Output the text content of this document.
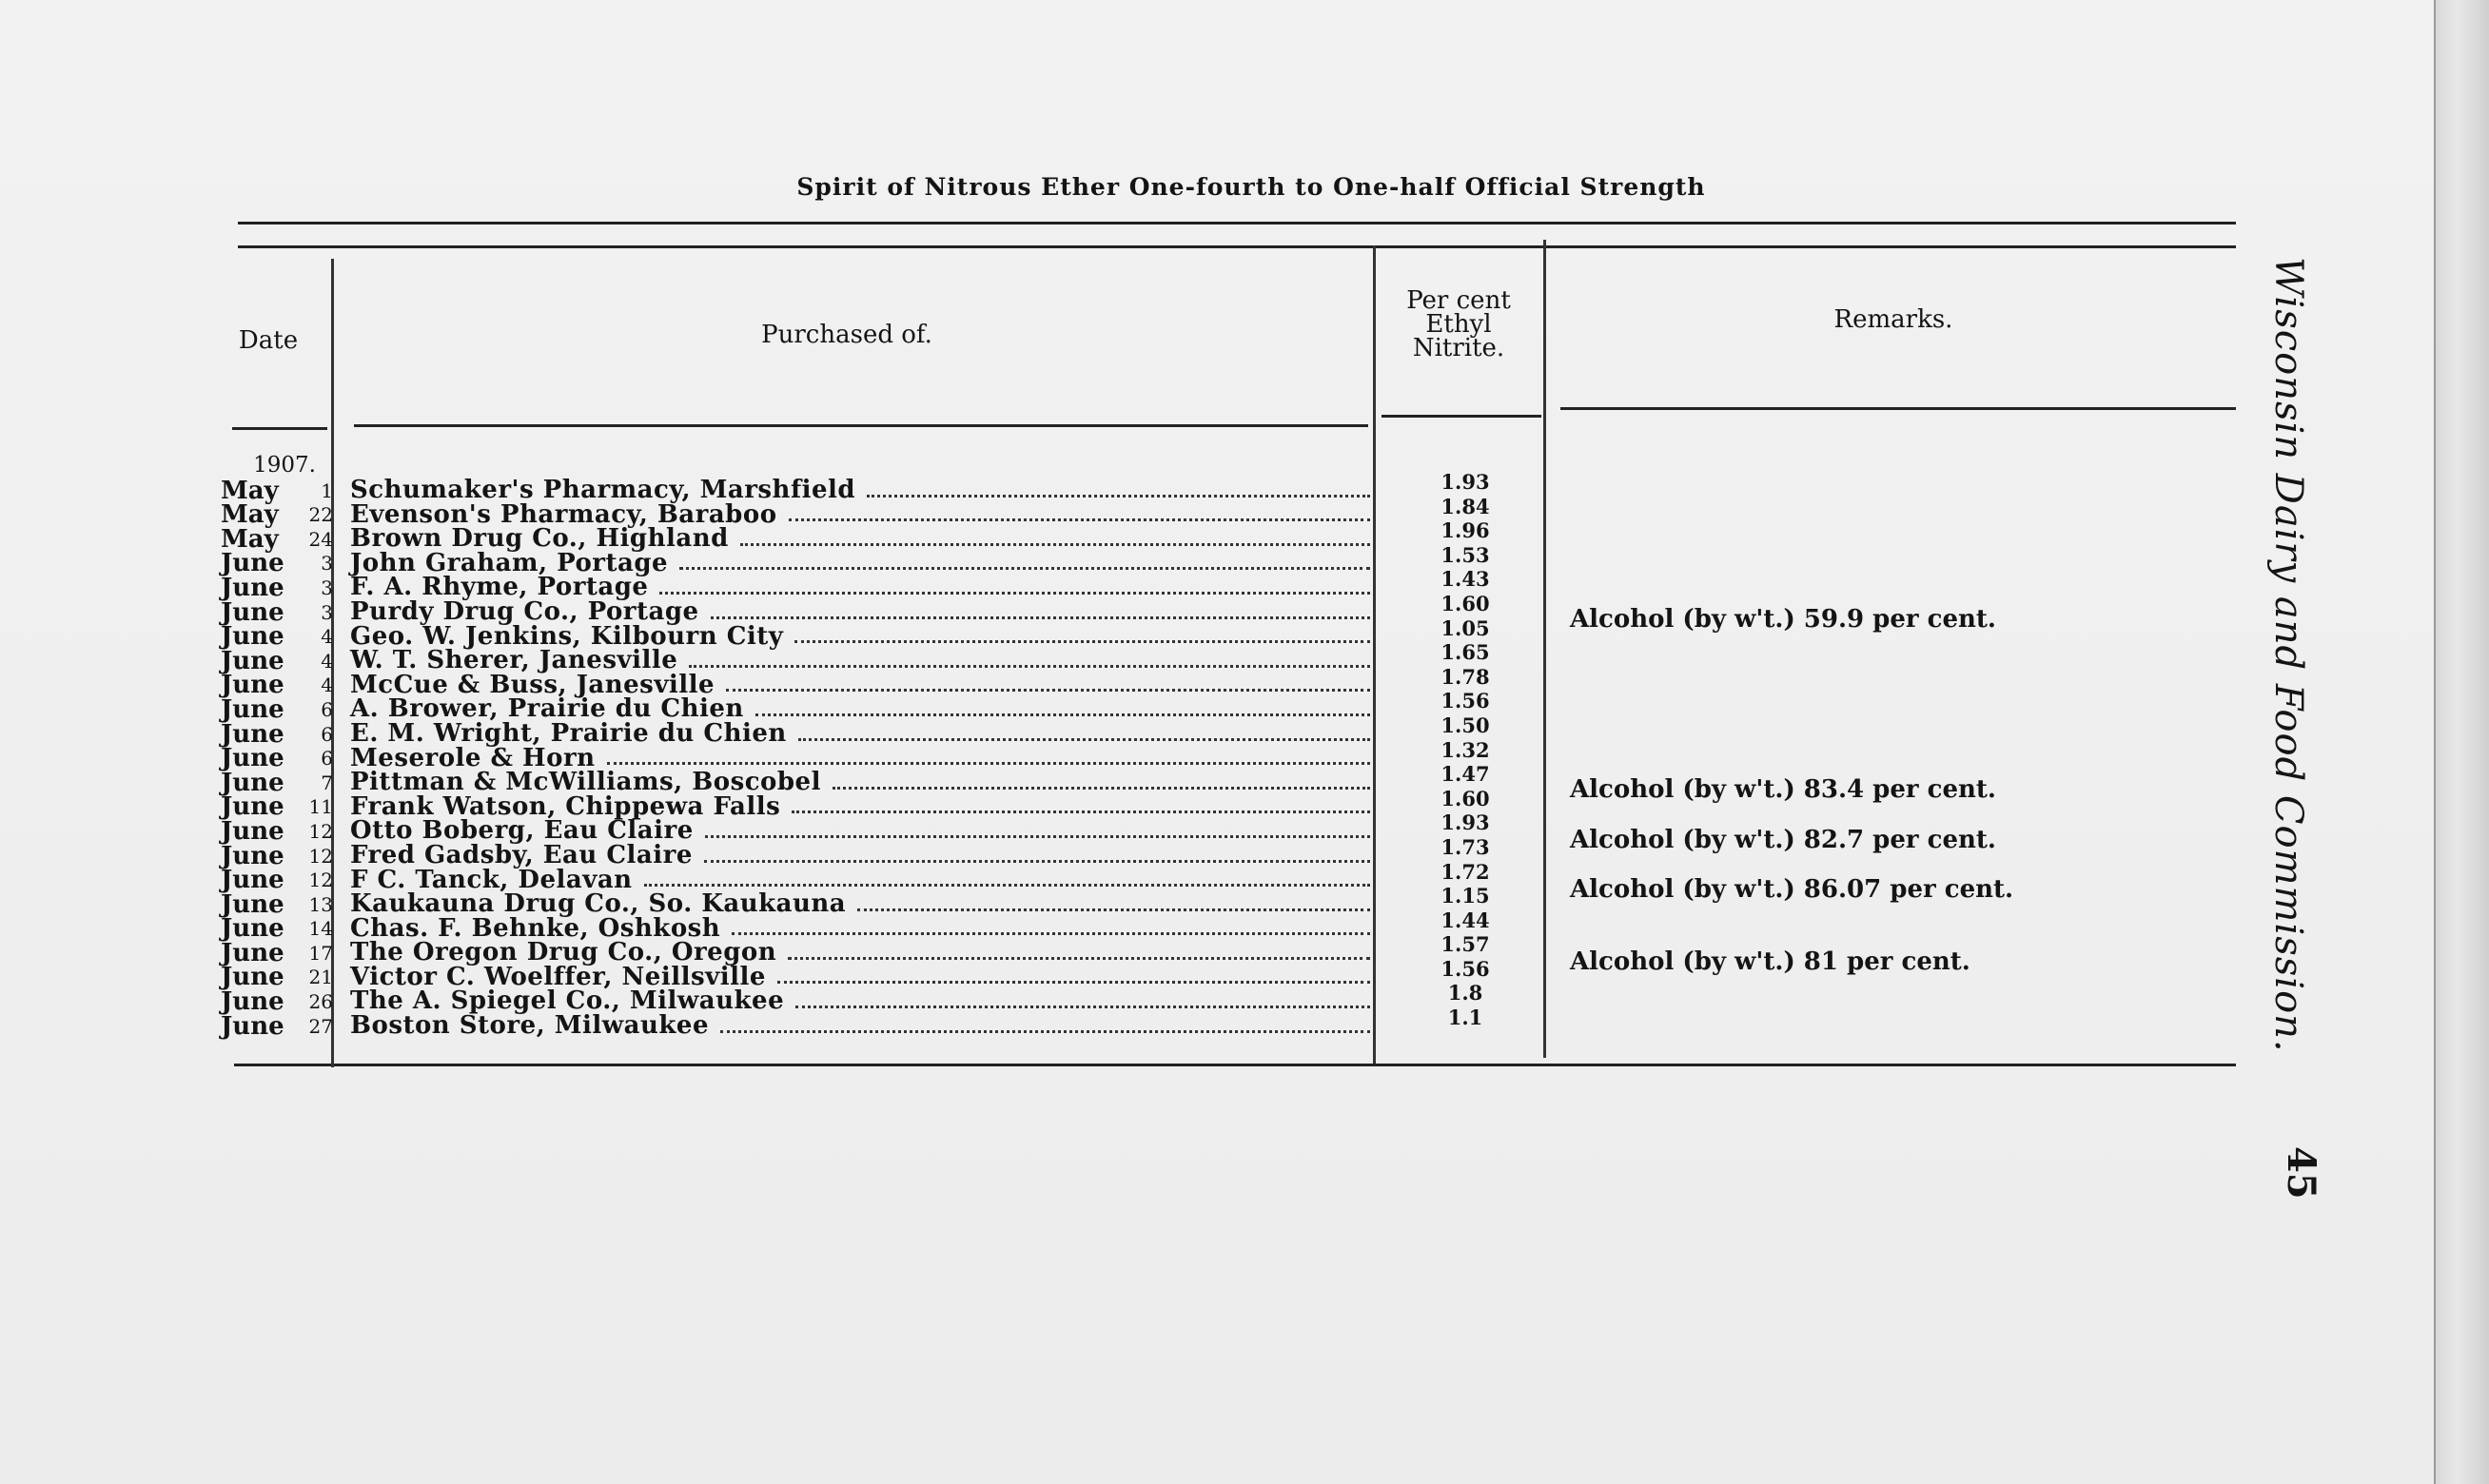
Spirit of Nitrous Ether One-fourth to One-half Official Strength
Date	Purchased of.
Per cent
Ethyl
Nitrite.
Remarks.
1907.
May 1
May 22
May 24
June 3
June 3
June 3
June 4
June 4
June 4
June 6
June 6
June 6
June 7
June 11
June 12
June 12
June 12
June 13
June 14
June 17
June 21
June 26
June 27
Schumaker's Pharmacy, Marshfield
Evenson's Pharmacy, Baraboo
Brown Drug Co., Highland
John Graham, Portage
F. A. Rhyme, Portage
Purdy Drug Co., Portage
Geo. W. Jenkins, Kilbourn City
W. T. Sherer, Janesville
McCue & Buss, Janesville
A. Brower, Prairie du Chien
E. M. Wright, Prairie du Chien
Meserole & Horn
Pittman & McWilliams, Boscobel
Frank Watson, Chippewa Falls
Otto Boberg, Eau Claire
Fred Gadsby, Eau Claire
F C. Tanck, Delavan
Kaukauna Drug Co., So. Kaukauna
Chas. F. Behnke, Oshkosh
The Oregon Drug Co., Oregon
Victor C. Woelffer, Neillsville
The A. Spiegel Co., Milwaukee
Boston Store, Milwaukee
1.93
1.84
1.96
1.53
1.43
1.60
1.05
1.65
1.78
1.56
1.50
1.32
1.47
1.60
1.93
1.73
1.72
1.15
1.44
1.57
1.56
1.8
1.1
Alcohol (by w't.) 59.9 per cent.
Alcohol (by w't.) 83.4 per cent.
Alcohol (by w't.) 82.7 per cent.
Alcohol (by w't.) 86.07 per cent.
Alcohol (by w't.) 81 per cent.	Wisconsin Dairy and Food Commission.
45
